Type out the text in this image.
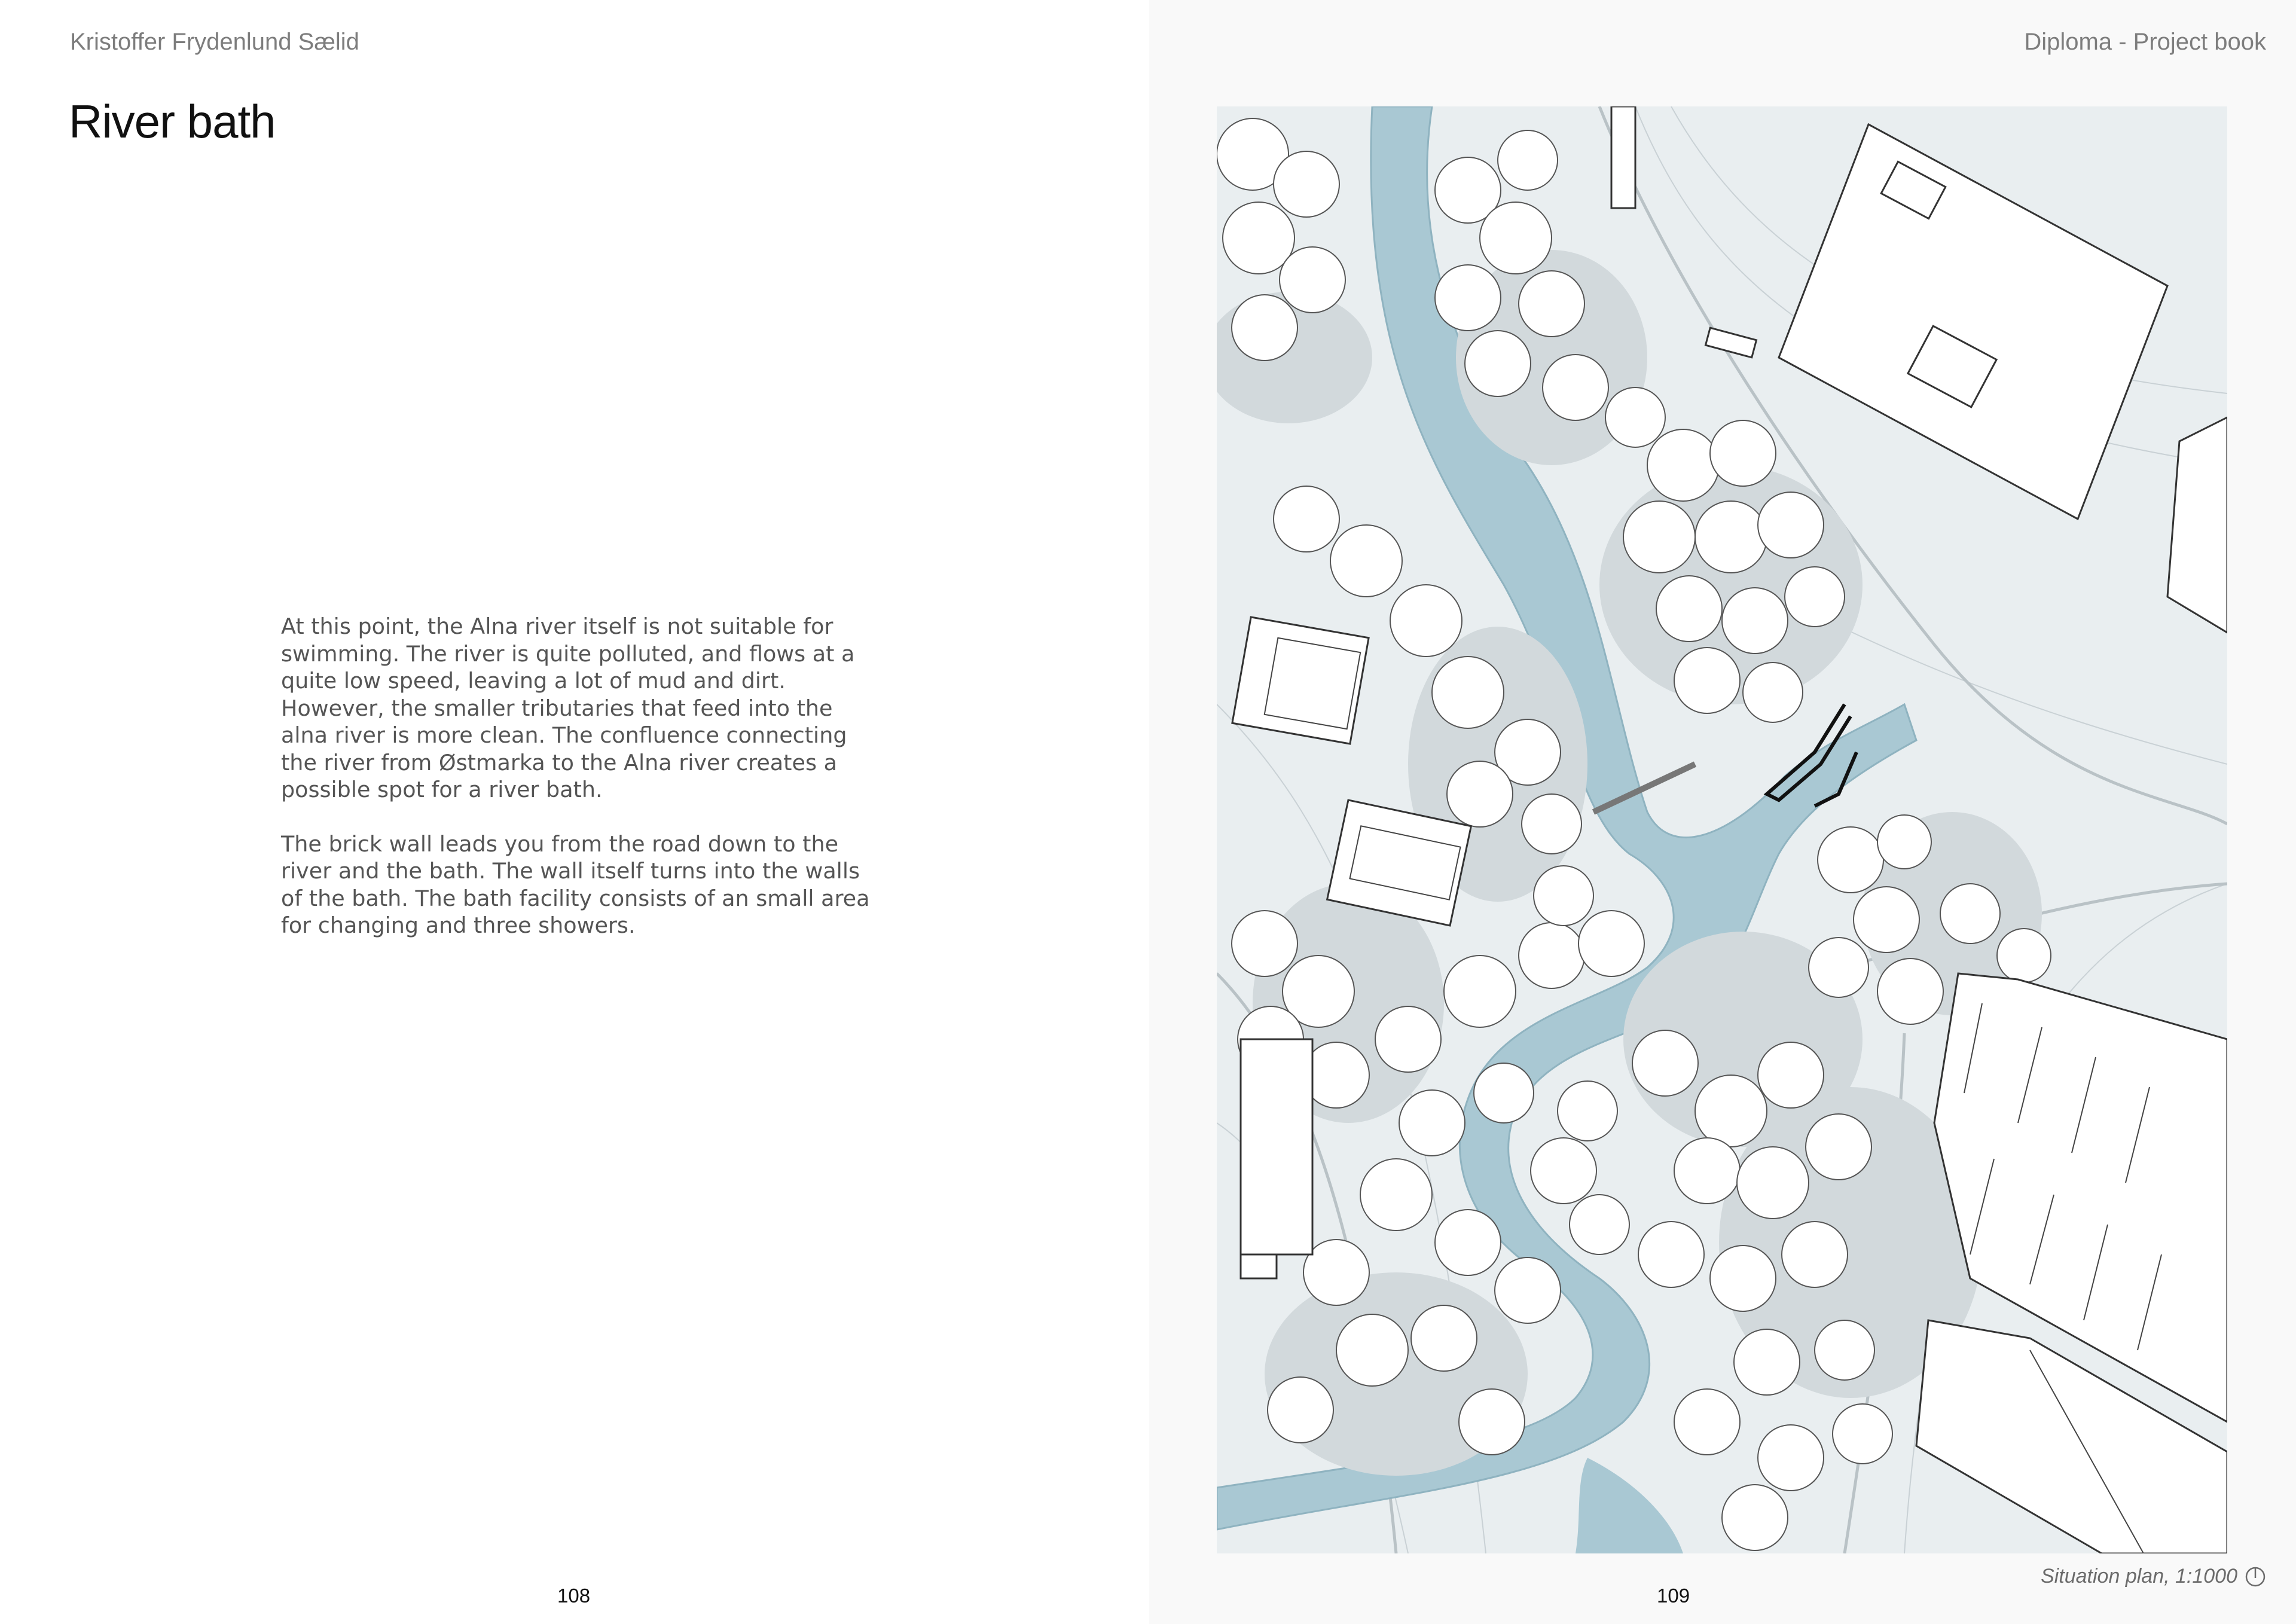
Kristoffer Frydenlund Sælid
River bath

At this point, the Alna river itself is not suitable for swimming. The river is quite polluted, and flows at a quite low speed, leaving a lot of mud and dirt. However, the smaller tributaries that feed into the alna river is more clean. The confluence connecting the river from Østmarka to the Alna river creates a possible spot for a river bath.

The brick wall leads you from the road down to the river and the bath. The wall itself turns into the walls of the bath. The bath facility consists of an small area for changing and three showers.

108
Diploma - Project book
Situation plan, 1:1000
109
